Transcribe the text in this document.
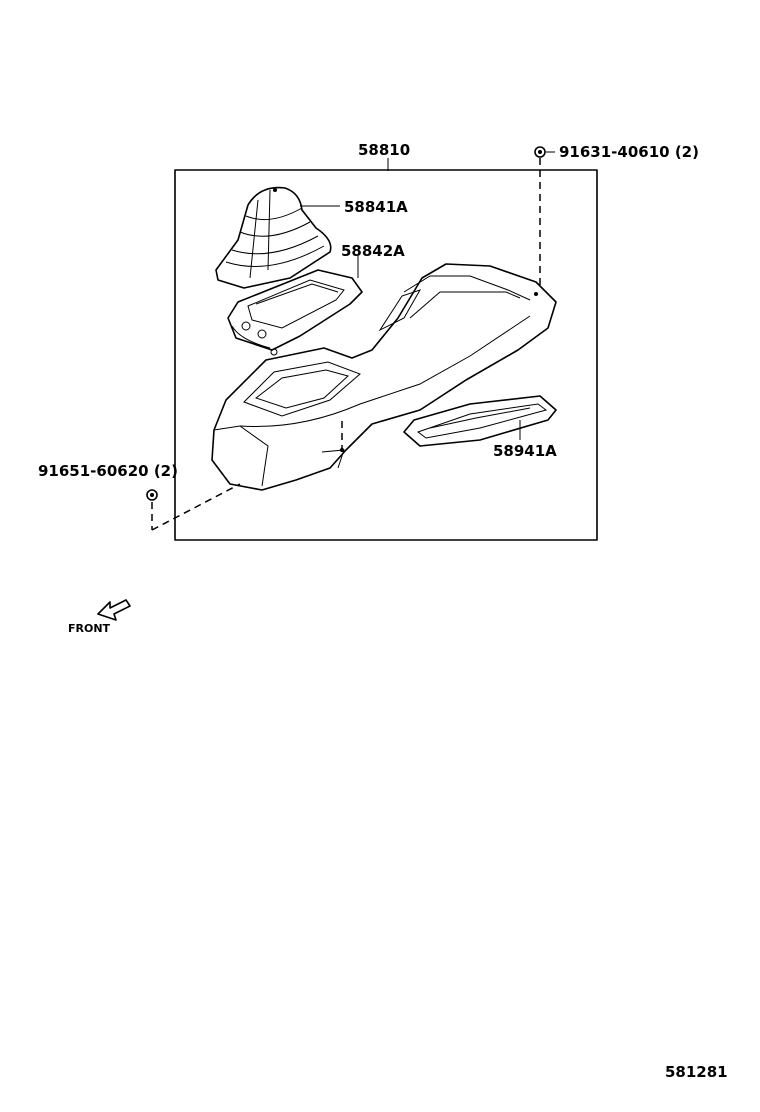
58810	91631-40610 (2)
58841A
58842A
58941A
91651-60620 (2)
FRONT
581281
